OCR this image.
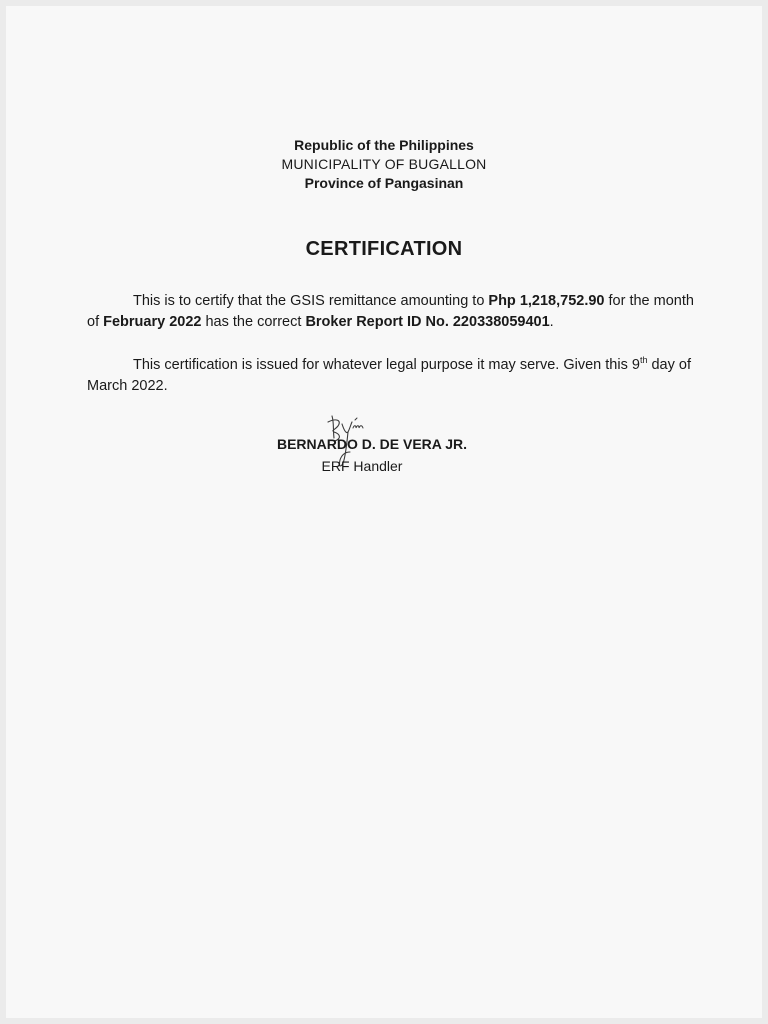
Republic of the Philippines
MUNICIPALITY OF BUGALLON
Province of Pangasinan
CERTIFICATION
This is to certify that the GSIS remittance amounting to Php 1,218,752.90 for the month of February 2022 has the correct Broker Report ID No. 220338059401.
This certification is issued for whatever legal purpose it may serve. Given this 9th day of March 2022.
BERNARDO D. DE VERA JR.
ERF Handler
